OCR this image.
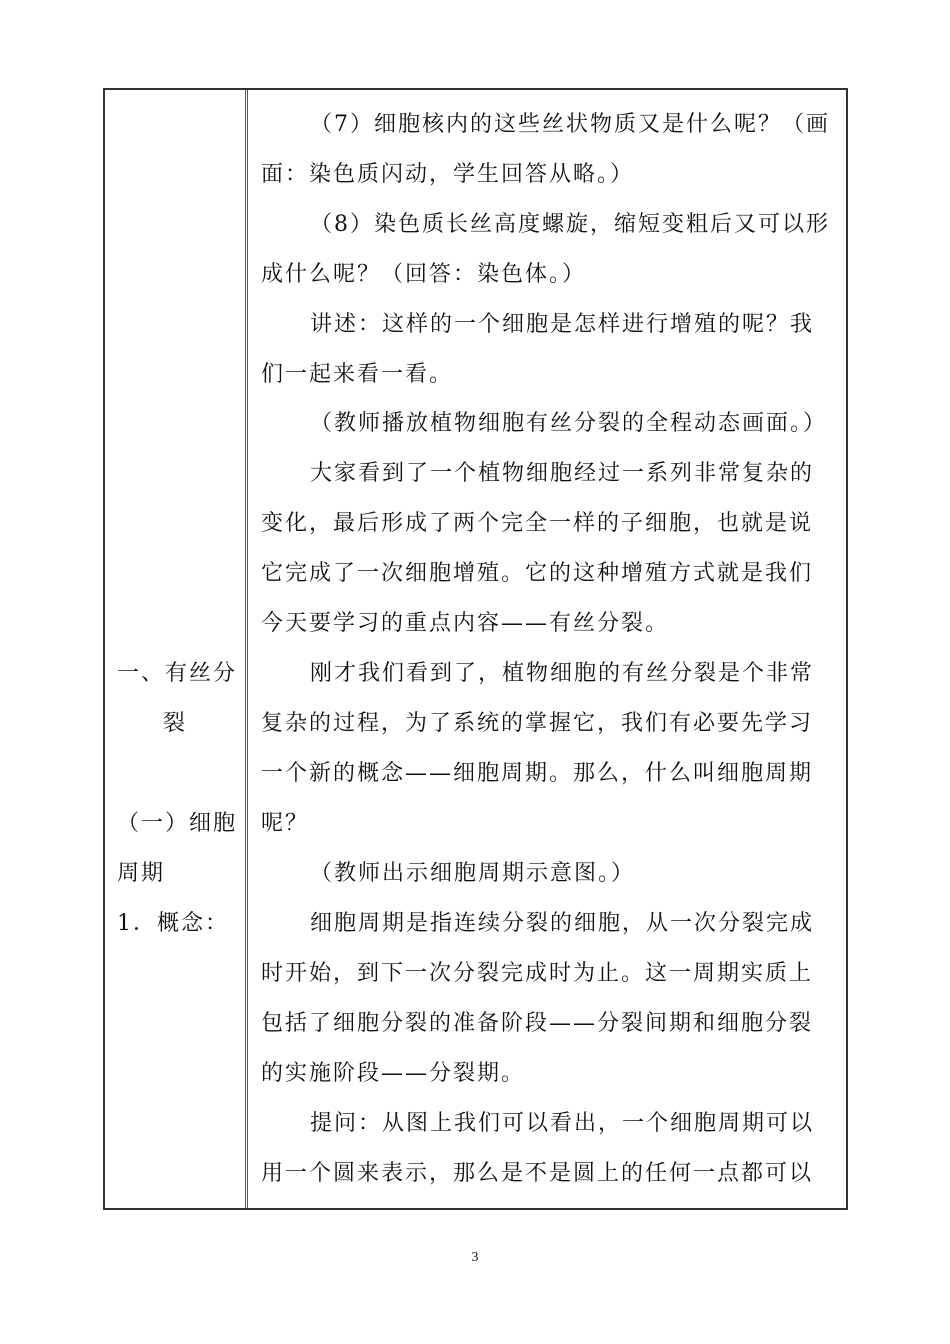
一、有丝分
裂
（一）细胞
周期
1．概念：
（7）细胞核内的这些丝状物质又是什么呢？（画
面：染色质闪动，学生回答从略。）
（8）染色质长丝高度螺旋，缩短变粗后又可以形
成什么呢？（回答：染色体。）
讲述：这样的一个细胞是怎样进行增殖的呢？我
们一起来看一看。
（教师播放植物细胞有丝分裂的全程动态画面。）
大家看到了一个植物细胞经过一系列非常复杂的
变化，最后形成了两个完全一样的子细胞，也就是说
它完成了一次细胞增殖。它的这种增殖方式就是我们
今天要学习的重点内容——有丝分裂。
刚才我们看到了，植物细胞的有丝分裂是个非常
复杂的过程，为了系统的掌握它，我们有必要先学习
一个新的概念——细胞周期。那么，什么叫细胞周期
呢？
（教师出示细胞周期示意图。）
细胞周期是指连续分裂的细胞，从一次分裂完成
时开始，到下一次分裂完成时为止。这一周期实质上
包括了细胞分裂的准备阶段——分裂间期和细胞分裂
的实施阶段——分裂期。
提问：从图上我们可以看出，一个细胞周期可以
用一个圆来表示，那么是不是圆上的任何一点都可以
3
